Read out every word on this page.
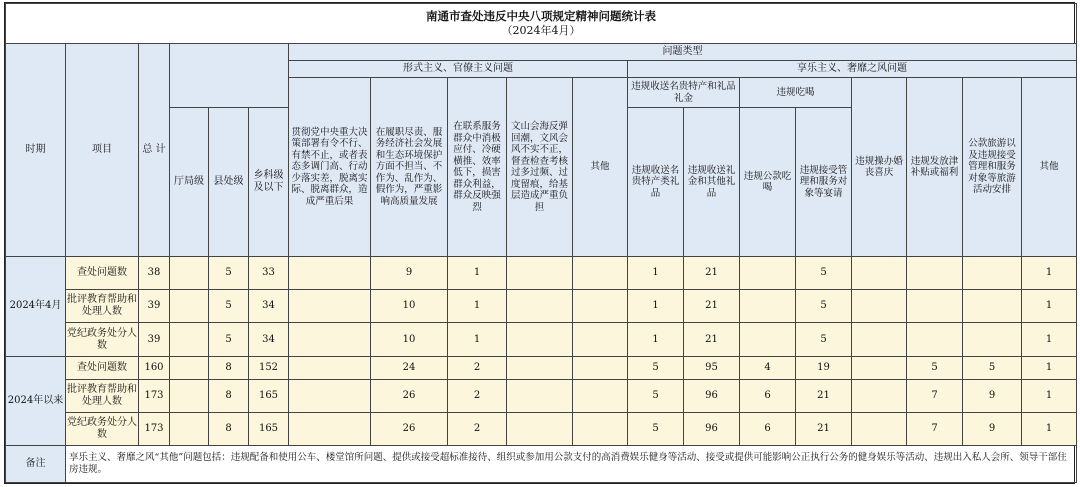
南通市查处违反中央八项规定精神问题统计表
（2024年4月）																		
时期	项目	总 计				问题类型												
						形式主义、官僚主义问题					享乐主义、奢靡之风问题							
						贯彻党中央重大决策部署有令不行、有禁不止，或者表态多调门高、行动少落实差，脱离实际、脱离群众，造成严重后果	在履职尽责、服务经济社会发展和生态环境保护方面不担当、不作为、乱作为、假作为，严重影响高质量发展	在联系服务群众中消极应付、冷硬横推、效率低下，损害群众利益，群众反映强烈	文山会海反弹回潮，文风会风不实不正，督查检查考核过多过频、过度留痕，给基层造成严重负担	其他	违规收送名贵特产和礼品礼金		违规吃喝		违规操办婚丧喜庆	违规发放津补贴或福利	公款旅游以及违规接受管理和服务对象等旅游活动安排	其他
			厅局级	县处级	乡科级及以下						违规收送名贵特产类礼品	违规收送礼金和其他礼品	违规公款吃喝	违规接受管理和服务对象等宴请				

2024年4月	查处问题数	38		5	33		9	1			1	21		5				1
	批评教育帮助和处理人数	39		5	34		10	1			1	21		5				1
	党纪政务处分人数	39		5	34		10	1			1	21		5				1
2024年以来	查处问题数	160		8	152		24	2			5	95	4	19		5	5	1
	批评教育帮助和处理人数	173		8	165		26	2			5	96	6	21		7	9	1
	党纪政务处分人数	173		8	165		26	2			5	96	6	21		7	9	1
备注	享乐主义、奢靡之风“其他”问题包括：违规配备和使用公车、楼堂馆所问题、提供或接受超标准接待、组织或参加用公款支付的高消费娱乐健身等活动、接受或提供可能影响公正执行公务的健身娱乐等活动、违规出入私人会所、领导干部住房违规。																	
